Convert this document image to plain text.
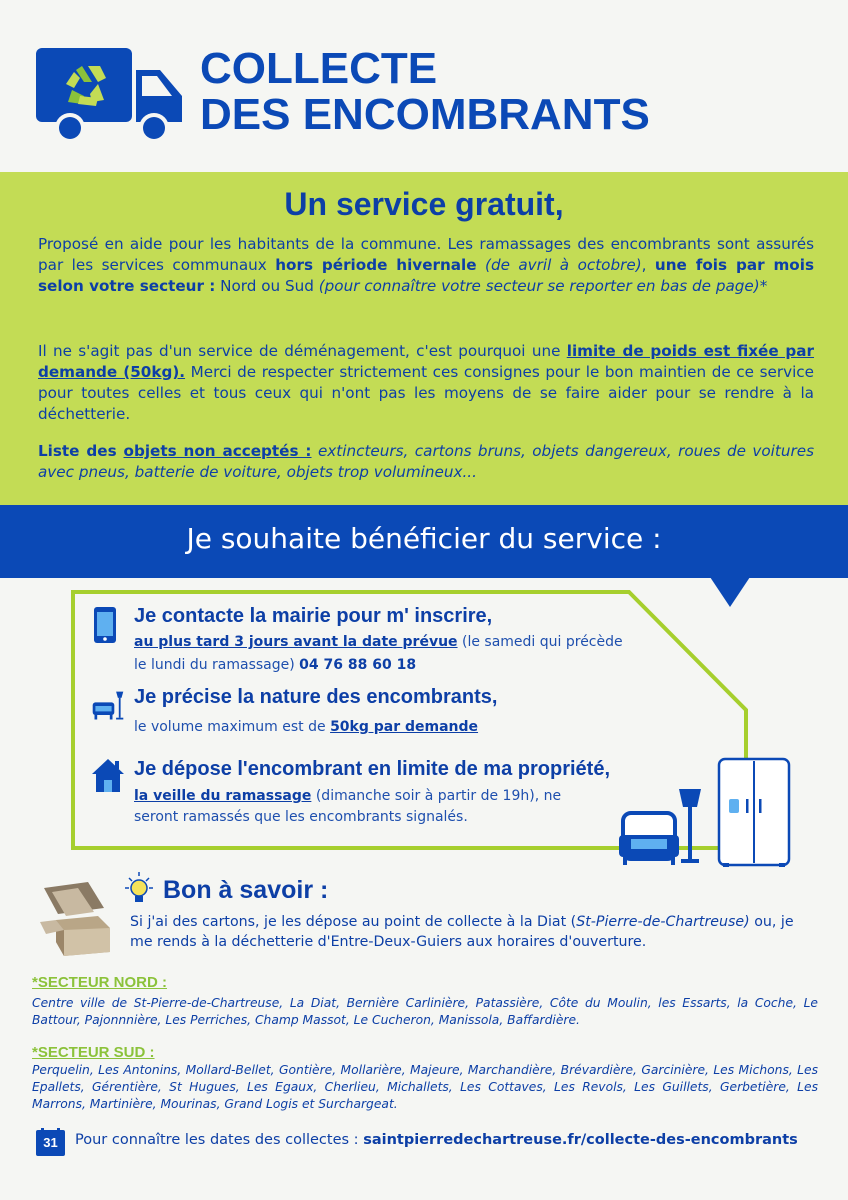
COLLECTE
DES ENCOMBRANTS
Un service gratuit,
Proposé en aide pour les habitants de la commune. Les ramassages des encombrants sont assurés par les services communaux hors période hivernale (de avril à octobre), une fois par mois selon votre secteur : Nord ou Sud (pour connaître votre secteur se reporter en bas de page)*
Il ne s'agit pas d'un service de déménagement, c'est pourquoi une limite de poids est fixée par demande (50kg). Merci de respecter strictement ces consignes pour le bon maintien de ce service pour toutes celles et tous ceux qui n'ont pas les moyens de se faire aider pour se rendre à la déchetterie.
Liste des objets non acceptés : extincteurs, cartons bruns, objets dangereux, roues de voitures avec pneus, batterie de voiture, objets trop volumineux...
Je souhaite bénéficier du service :
Je contacte la mairie pour m' inscrire,
au plus tard 3 jours avant la date prévue (le samedi qui précède
le lundi du ramassage) 04 76 88 60 18
Je précise la nature des encombrants,
le volume maximum est de 50kg par demande
Je dépose l'encombrant en limite de ma propriété,
la veille du ramassage (dimanche soir à partir de 19h), ne
seront ramassés que les encombrants signalés.
Bon à savoir :
Si j'ai des cartons, je les dépose au point de collecte à la Diat (St-Pierre-de-Chartreuse) ou, je me rends à la déchetterie d'Entre-Deux-Guiers aux horaires d'ouverture.
*SECTEUR NORD :
Centre ville de St-Pierre-de-Chartreuse, La Diat, Bernière Carlinière, Patassière, Côte du Moulin, les Essarts, la Coche, Le Battour, Pajonnnière, Les Perriches, Champ Massot, Le Cucheron, Manissola, Baffardière.
*SECTEUR SUD :
Perquelin, Les Antonins, Mollard-Bellet, Gontière, Mollarière, Majeure, Marchandière, Brévardière, Garcinière, Les Michons, Les Epallets, Gérentière, St Hugues, Les Egaux, Cherlieu, Michallets, Les Cottaves, Les Revols, Les Guillets, Gerbetière, Les Marrons, Martinière, Mourinas, Grand Logis et Surchargeat.
31	Pour connaître les dates des collectes : saintpierredechartreuse.fr/collecte-des-encombrants
